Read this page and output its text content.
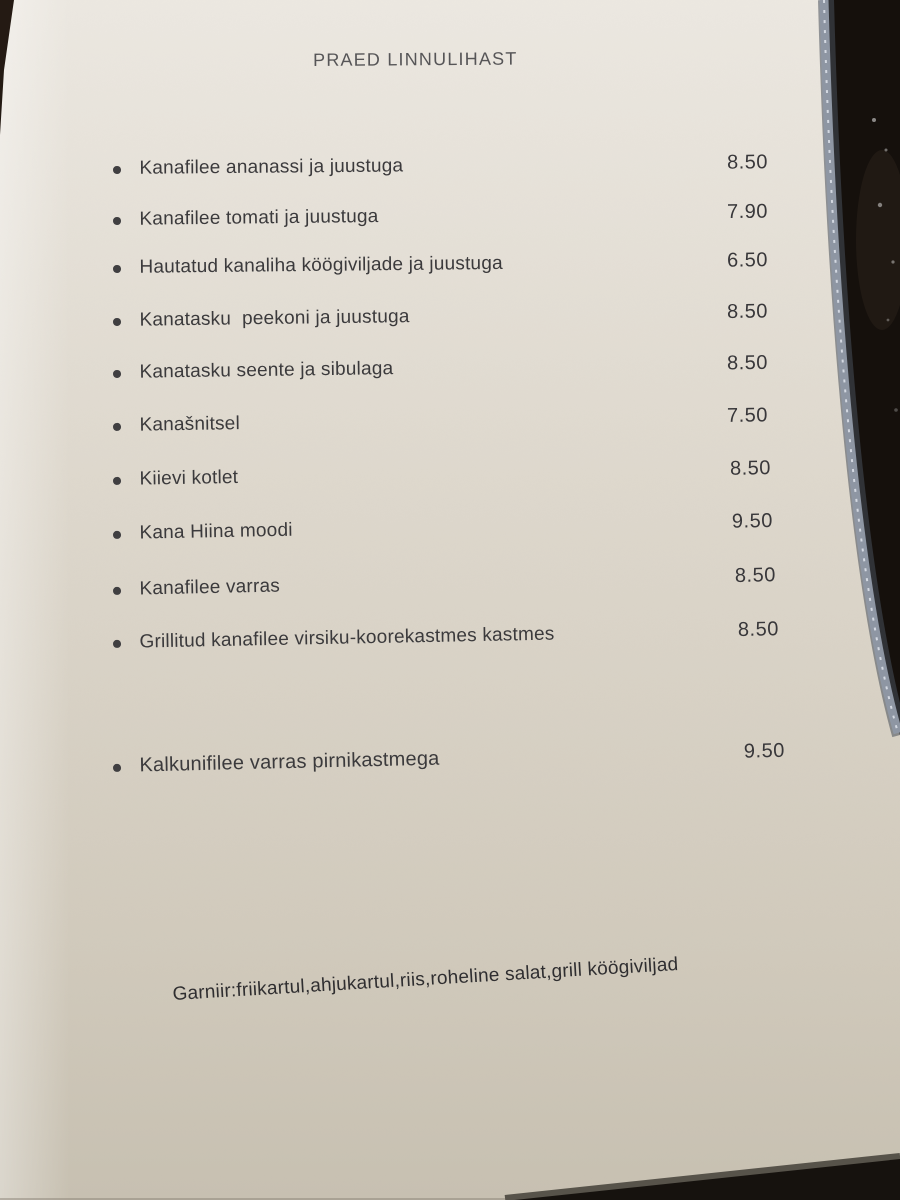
PRAED LINNULIHAST
Kanafilee ananassi ja juustuga	8.50
Kanafilee tomati ja juustuga	7.90
Hautatud kanaliha köögiviljade ja juustuga	6.50
Kanatasku  peekoni ja juustuga	8.50
Kanatasku seente ja sibulaga	8.50
Kanašnitsel	7.50
Kiievi kotlet	8.50
Kana Hiina moodi	9.50
Kanafilee varras	8.50
Grillitud kanafilee virsiku-koorekastmes kastmes	8.50
Kalkunifilee varras pirnikastmega	9.50
Garniir:friikartul,ahjukartul,riis,roheline salat,grill köögiviljad
